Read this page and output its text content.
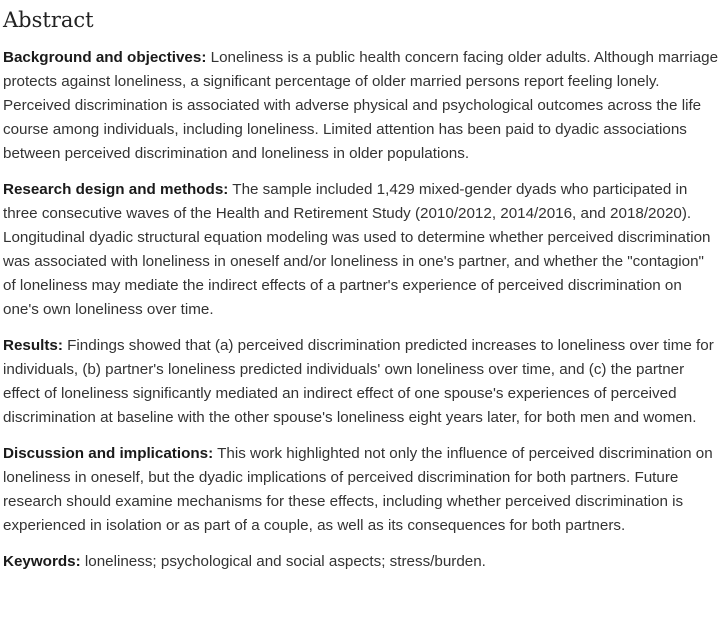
Abstract

Background and objectives: Loneliness is a public health concern facing older adults. Although marriage protects against loneliness, a significant percentage of older married persons report feeling lonely. Perceived discrimination is associated with adverse physical and psychological outcomes across the life course among individuals, including loneliness. Limited attention has been paid to dyadic associations between perceived discrimination and loneliness in older populations.

Research design and methods: The sample included 1,429 mixed-gender dyads who participated in three consecutive waves of the Health and Retirement Study (2010/2012, 2014/2016, and 2018/2020). Longitudinal dyadic structural equation modeling was used to determine whether perceived discrimination was associated with loneliness in oneself and/or loneliness in one's partner, and whether the "contagion" of loneliness may mediate the indirect effects of a partner's experience of perceived discrimination on one's own loneliness over time.

Results: Findings showed that (a) perceived discrimination predicted increases to loneliness over time for individuals, (b) partner's loneliness predicted individuals' own loneliness over time, and (c) the partner effect of loneliness significantly mediated an indirect effect of one spouse's experiences of perceived discrimination at baseline with the other spouse's loneliness eight years later, for both men and women.

Discussion and implications: This work highlighted not only the influence of perceived discrimination on loneliness in oneself, but the dyadic implications of perceived discrimination for both partners. Future research should examine mechanisms for these effects, including whether perceived discrimination is experienced in isolation or as part of a couple, as well as its consequences for both partners.

Keywords: loneliness; psychological and social aspects; stress/burden.
